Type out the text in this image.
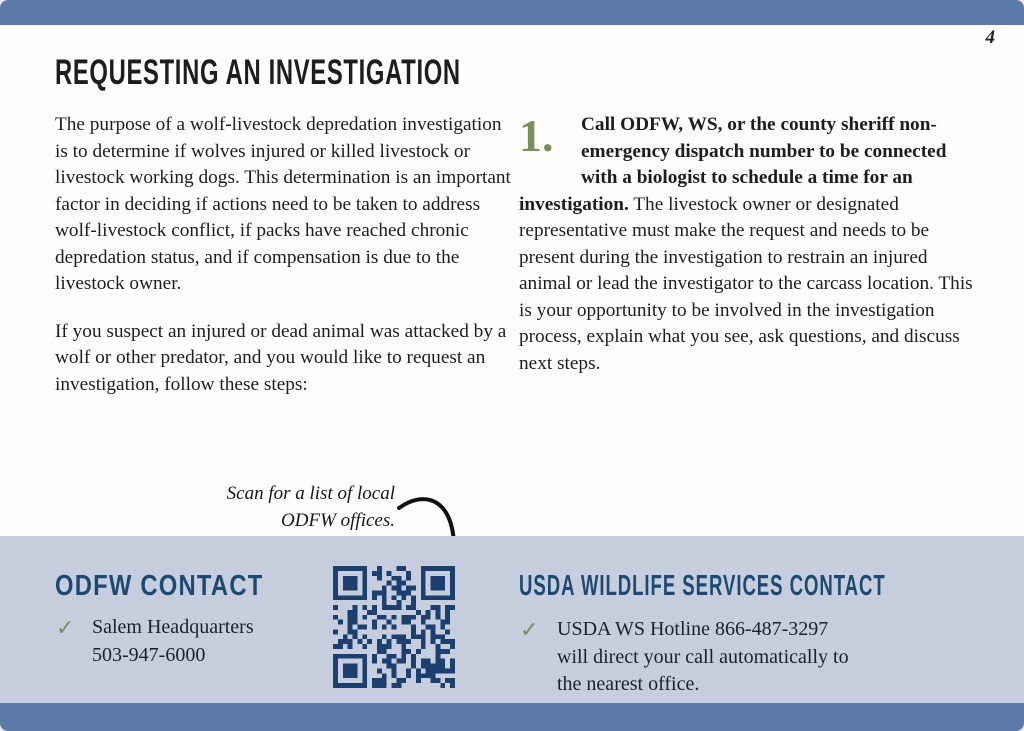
4
REQUESTING AN INVESTIGATION

The purpose of a wolf-livestock depredation investigation is to determine if wolves injured or killed livestock or livestock working dogs. This determination is an important factor in deciding if actions need to be taken to address wolf-livestock conflict, if packs have reached chronic depredation status, and if compensation is due to the livestock owner.

If you suspect an injured or dead animal was attacked by a wolf or other predator, and you would like to request an investigation, follow these steps:

1.	Call ODFW, WS, or the county sheriff non-emergency dispatch number to be connected with a biologist to schedule a time for an investigation. The livestock owner or designated representative must make the request and needs to be present during the investigation to restrain an injured animal or lead the investigator to the carcass location. This is your opportunity to be involved in the investigation process, explain what you see, ask questions, and discuss next steps.

Scan for a list of local
ODFW offices.
ODFW CONTACT
✓ Salem Headquarters
503-947-6000
USDA WILDLIFE SERVICES CONTACT
✓ USDA WS Hotline 866-487-3297
will direct your call automatically to
the nearest office.
